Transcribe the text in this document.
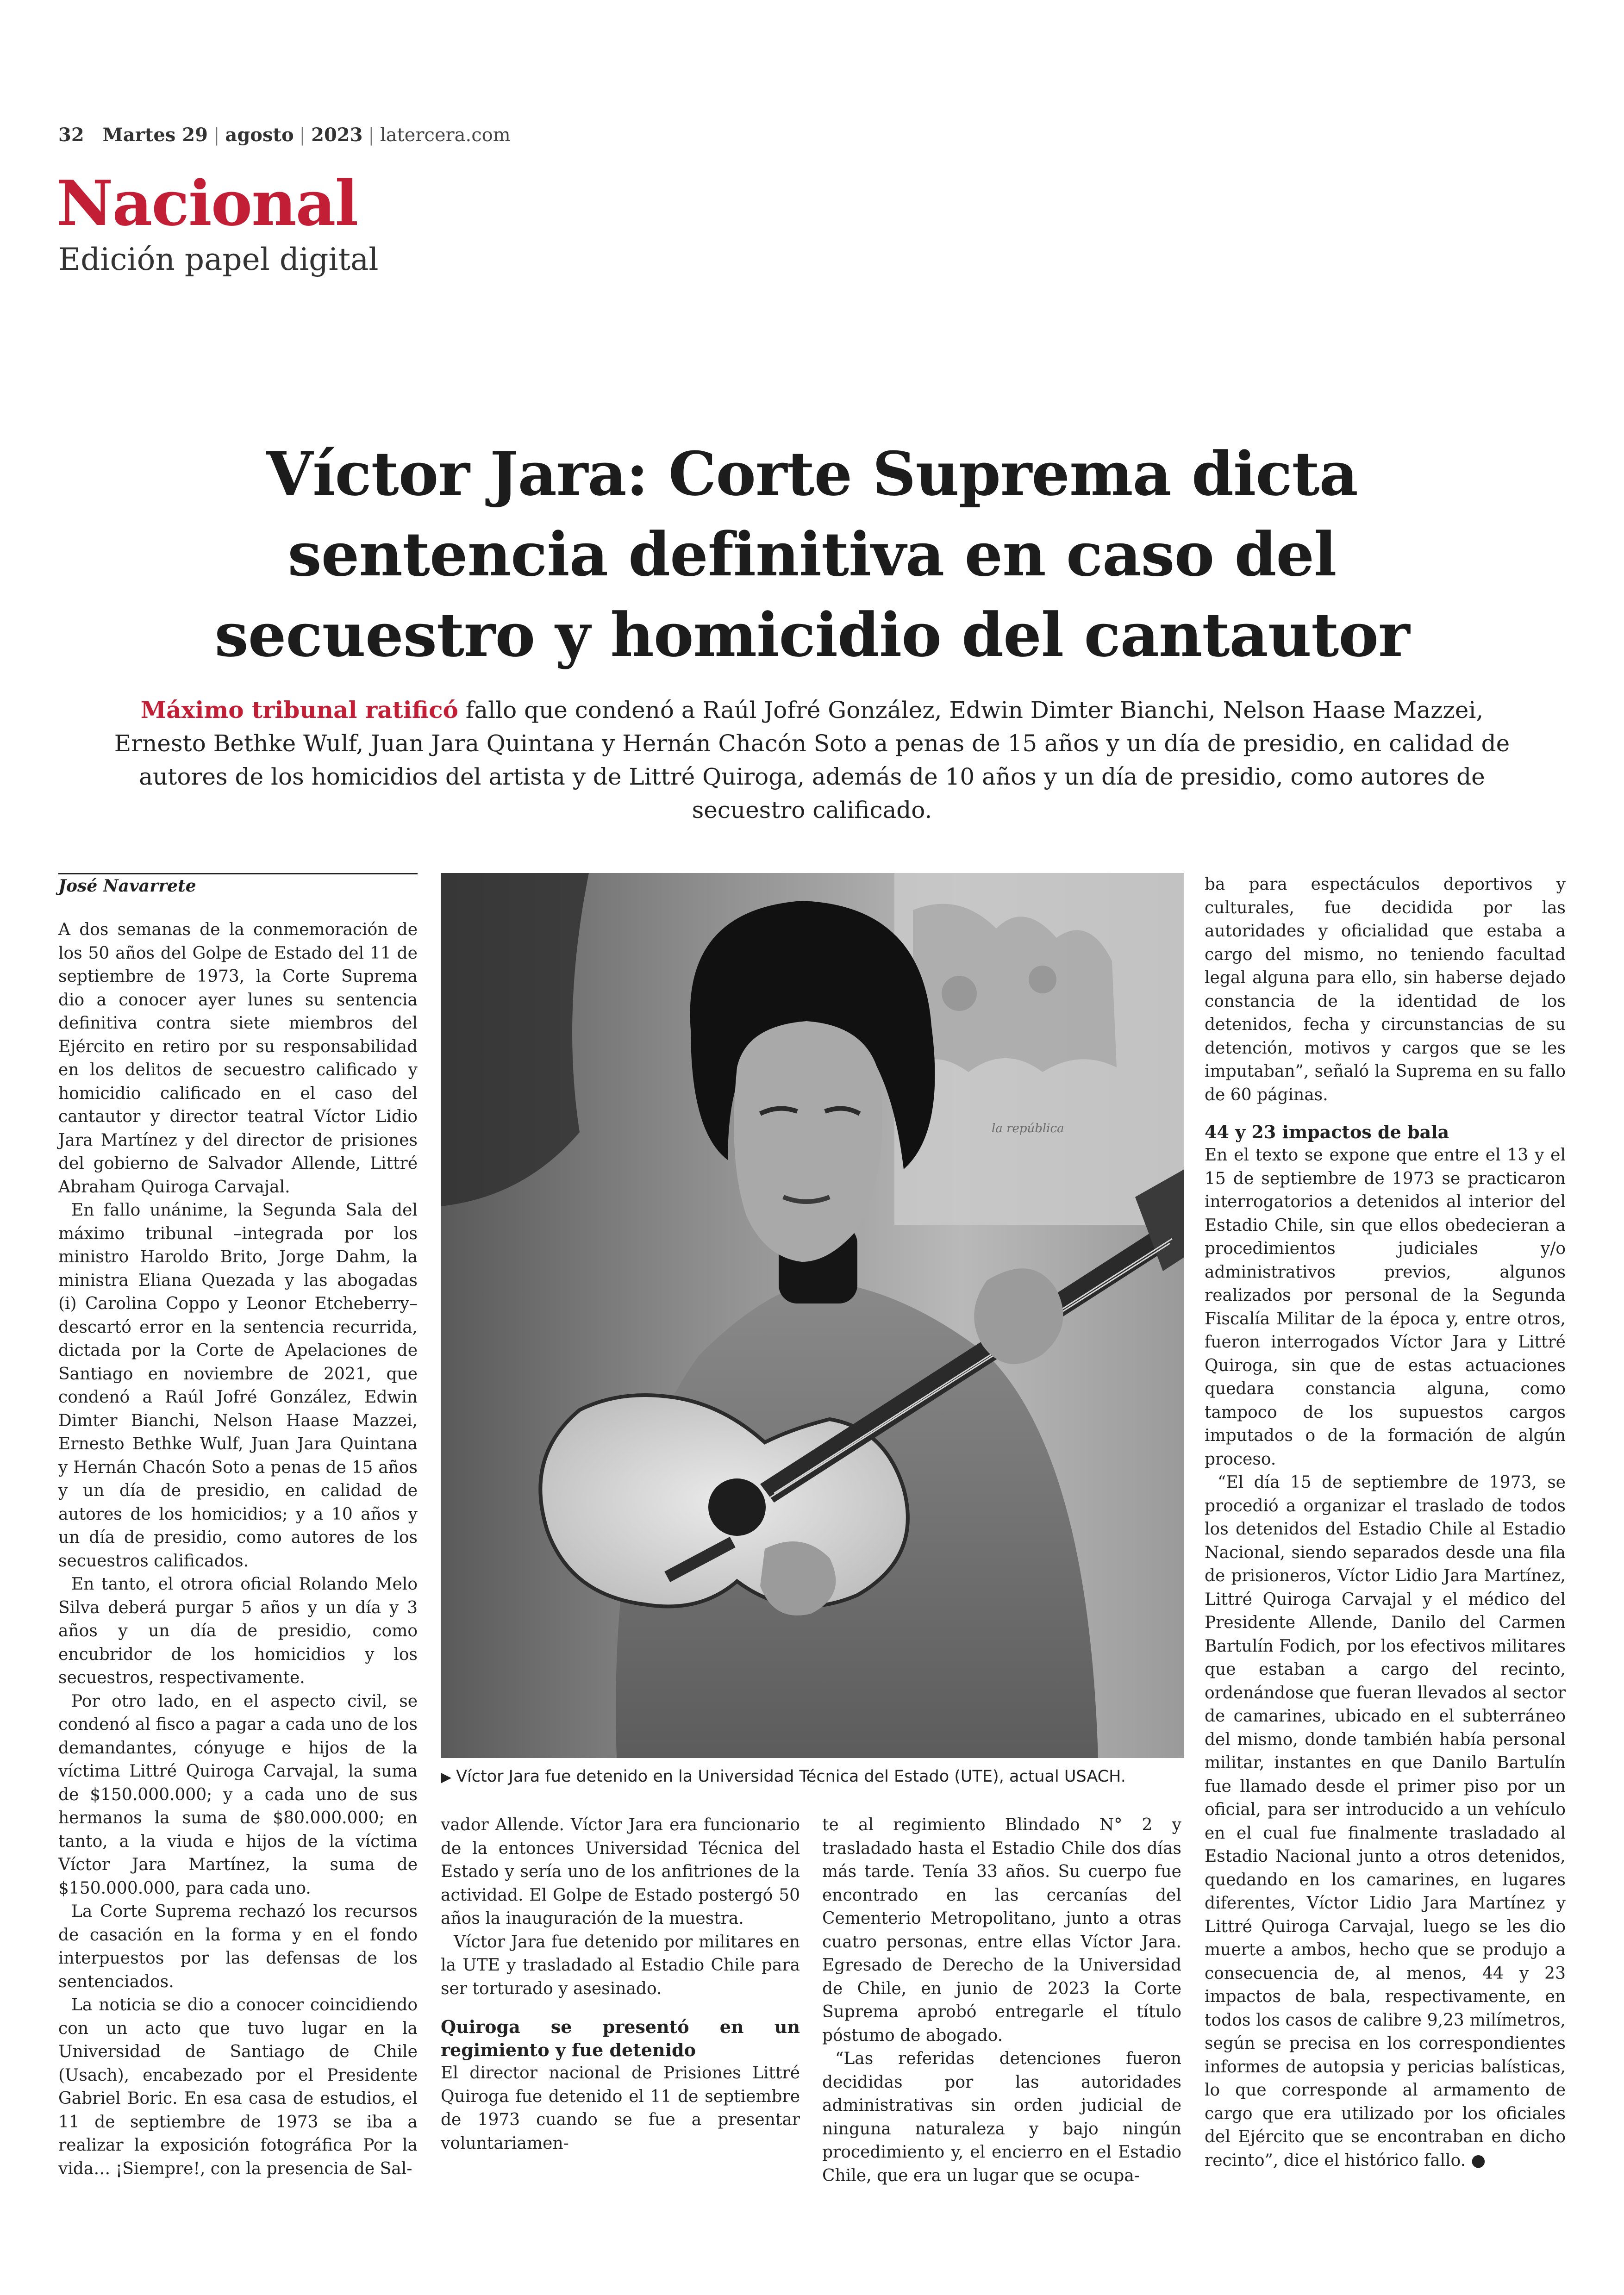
32 Martes 29 | agosto | 2023 | latercera.com
Nacional
Edición papel digital
Víctor Jara: Corte Suprema dicta
sentencia definitiva en caso del
secuestro y homicidio del cantautor
Máximo tribunal ratificó fallo que condenó a Raúl Jofré González, Edwin Dimter Bianchi, Nelson Haase Mazzei, Ernesto Bethke Wulf, Juan Jara Quintana y Hernán Chacón Soto a penas de 15 años y un día de presidio, en calidad de autores de los homicidios del artista y de Littré Quiroga, además de 10 años y un día de presidio, como autores de secuestro calificado.
José Navarrete

A dos semanas de la conmemoración de los 50 años del Golpe de Estado del 11 de septiembre de 1973, la Corte Suprema dio a conocer ayer lunes su sentencia definitiva contra siete miembros del Ejército en retiro por su responsabilidad en los delitos de secuestro calificado y homicidio calificado en el caso del cantautor y director teatral Víctor Lidio Jara Martínez y del director de prisiones del gobierno de Salvador Allende, Littré Abraham Quiroga Carvajal.

En fallo unánime, la Segunda Sala del máximo tribunal –integrada por los ministro Haroldo Brito, Jorge Dahm, la ministra Eliana Quezada y las abogadas (i) Carolina Coppo y Leonor Etcheberry– descartó error en la sentencia recurrida, dictada por la Corte de Apelaciones de Santiago en noviembre de 2021, que condenó a Raúl Jofré González, Edwin Dimter Bianchi, Nelson Haase Mazzei, Ernesto Bethke Wulf, Juan Jara Quintana y Hernán Chacón Soto a penas de 15 años y un día de presidio, en calidad de autores de los homicidios; y a 10 años y un día de presidio, como autores de los secuestros calificados.

En tanto, el otrora oficial Rolando Melo Silva deberá purgar 5 años y un día y 3 años y un día de presidio, como encubridor de los homicidios y los secuestros, respectivamente.

Por otro lado, en el aspecto civil, se condenó al fisco a pagar a cada uno de los demandantes, cónyuge e hijos de la víctima Littré Quiroga Carvajal, la suma de $150.000.000; y a cada uno de sus hermanos la suma de $80.000.000; en tanto, a la viuda e hijos de la víctima Víctor Jara Martínez, la suma de $150.000.000, para cada uno.

La Corte Suprema rechazó los recursos de casación en la forma y en el fondo interpuestos por las defensas de los sentenciados.

La noticia se dio a conocer coincidiendo con un acto que tuvo lugar en la Universidad de Santiago de Chile (Usach), encabezado por el Presidente Gabriel Boric. En esa casa de estudios, el 11 de septiembre de 1973 se iba a realizar la exposición fotográfica Por la vida… ¡Siempre!, con la presencia de Sal-

la república
▶ Víctor Jara fue detenido en la Universidad Técnica del Estado (UTE), actual USACH.

vador Allende. Víctor Jara era funcionario de la entonces Universidad Técnica del Estado y sería uno de los anfitriones de la actividad. El Golpe de Estado postergó 50 años la inauguración de la muestra.

Víctor Jara fue detenido por militares en la UTE y trasladado al Estadio Chile para ser torturado y asesinado.

Quiroga se presentó en un regimiento y fue detenido

El director nacional de Prisiones Littré Quiroga fue detenido el 11 de septiembre de 1973 cuando se fue a presentar voluntariamen-

te al regimiento Blindado N° 2 y trasladado hasta el Estadio Chile dos días más tarde. Tenía 33 años. Su cuerpo fue encontrado en las cercanías del Cementerio Metropolitano, junto a otras cuatro personas, entre ellas Víctor Jara. Egresado de Derecho de la Universidad de Chile, en junio de 2023 la Corte Suprema aprobó entregarle el título póstumo de abogado.

“Las referidas detenciones fueron decididas por las autoridades administrativas sin orden judicial de ninguna naturaleza y bajo ningún procedimiento y, el encierro en el Estadio Chile, que era un lugar que se ocupa-

ba para espectáculos deportivos y culturales, fue decidida por las autoridades y oficialidad que estaba a cargo del mismo, no teniendo facultad legal alguna para ello, sin haberse dejado constancia de la identidad de los detenidos, fecha y circunstancias de su detención, motivos y cargos que se les imputaban”, señaló la Suprema en su fallo de 60 páginas.

44 y 23 impactos de bala

En el texto se expone que entre el 13 y el 15 de septiembre de 1973 se practicaron interrogatorios a detenidos al interior del Estadio Chile, sin que ellos obedecieran a procedimientos judiciales y/o administrativos previos, algunos realizados por personal de la Segunda Fiscalía Militar de la época y, entre otros, fueron interrogados Víctor Jara y Littré Quiroga, sin que de estas actuaciones quedara constancia alguna, como tampoco de los supuestos cargos imputados o de la formación de algún proceso.

“El día 15 de septiembre de 1973, se procedió a organizar el traslado de todos los detenidos del Estadio Chile al Estadio Nacional, siendo separados desde una fila de prisioneros, Víctor Lidio Jara Martínez, Littré Quiroga Carvajal y el médico del Presidente Allende, Danilo del Carmen Bartulín Fodich, por los efectivos militares que estaban a cargo del recinto, ordenándose que fueran llevados al sector de camarines, ubicado en el subterráneo del mismo, donde también había personal militar, instantes en que Danilo Bartulín fue llamado desde el primer piso por un oficial, para ser introducido a un vehículo en el cual fue finalmente trasladado al Estadio Nacional junto a otros detenidos, quedando en los camarines, en lugares diferentes, Víctor Lidio Jara Martínez y Littré Quiroga Carvajal, luego se les dio muerte a ambos, hecho que se produjo a consecuencia de, al menos, 44 y 23 impactos de bala, respectivamente, en todos los casos de calibre 9,23 milímetros, según se precisa en los correspondientes informes de autopsia y pericias balísticas, lo que corresponde al armamento de cargo que era utilizado por los oficiales del Ejército que se encontraban en dicho recinto”, dice el histórico fallo. ●
